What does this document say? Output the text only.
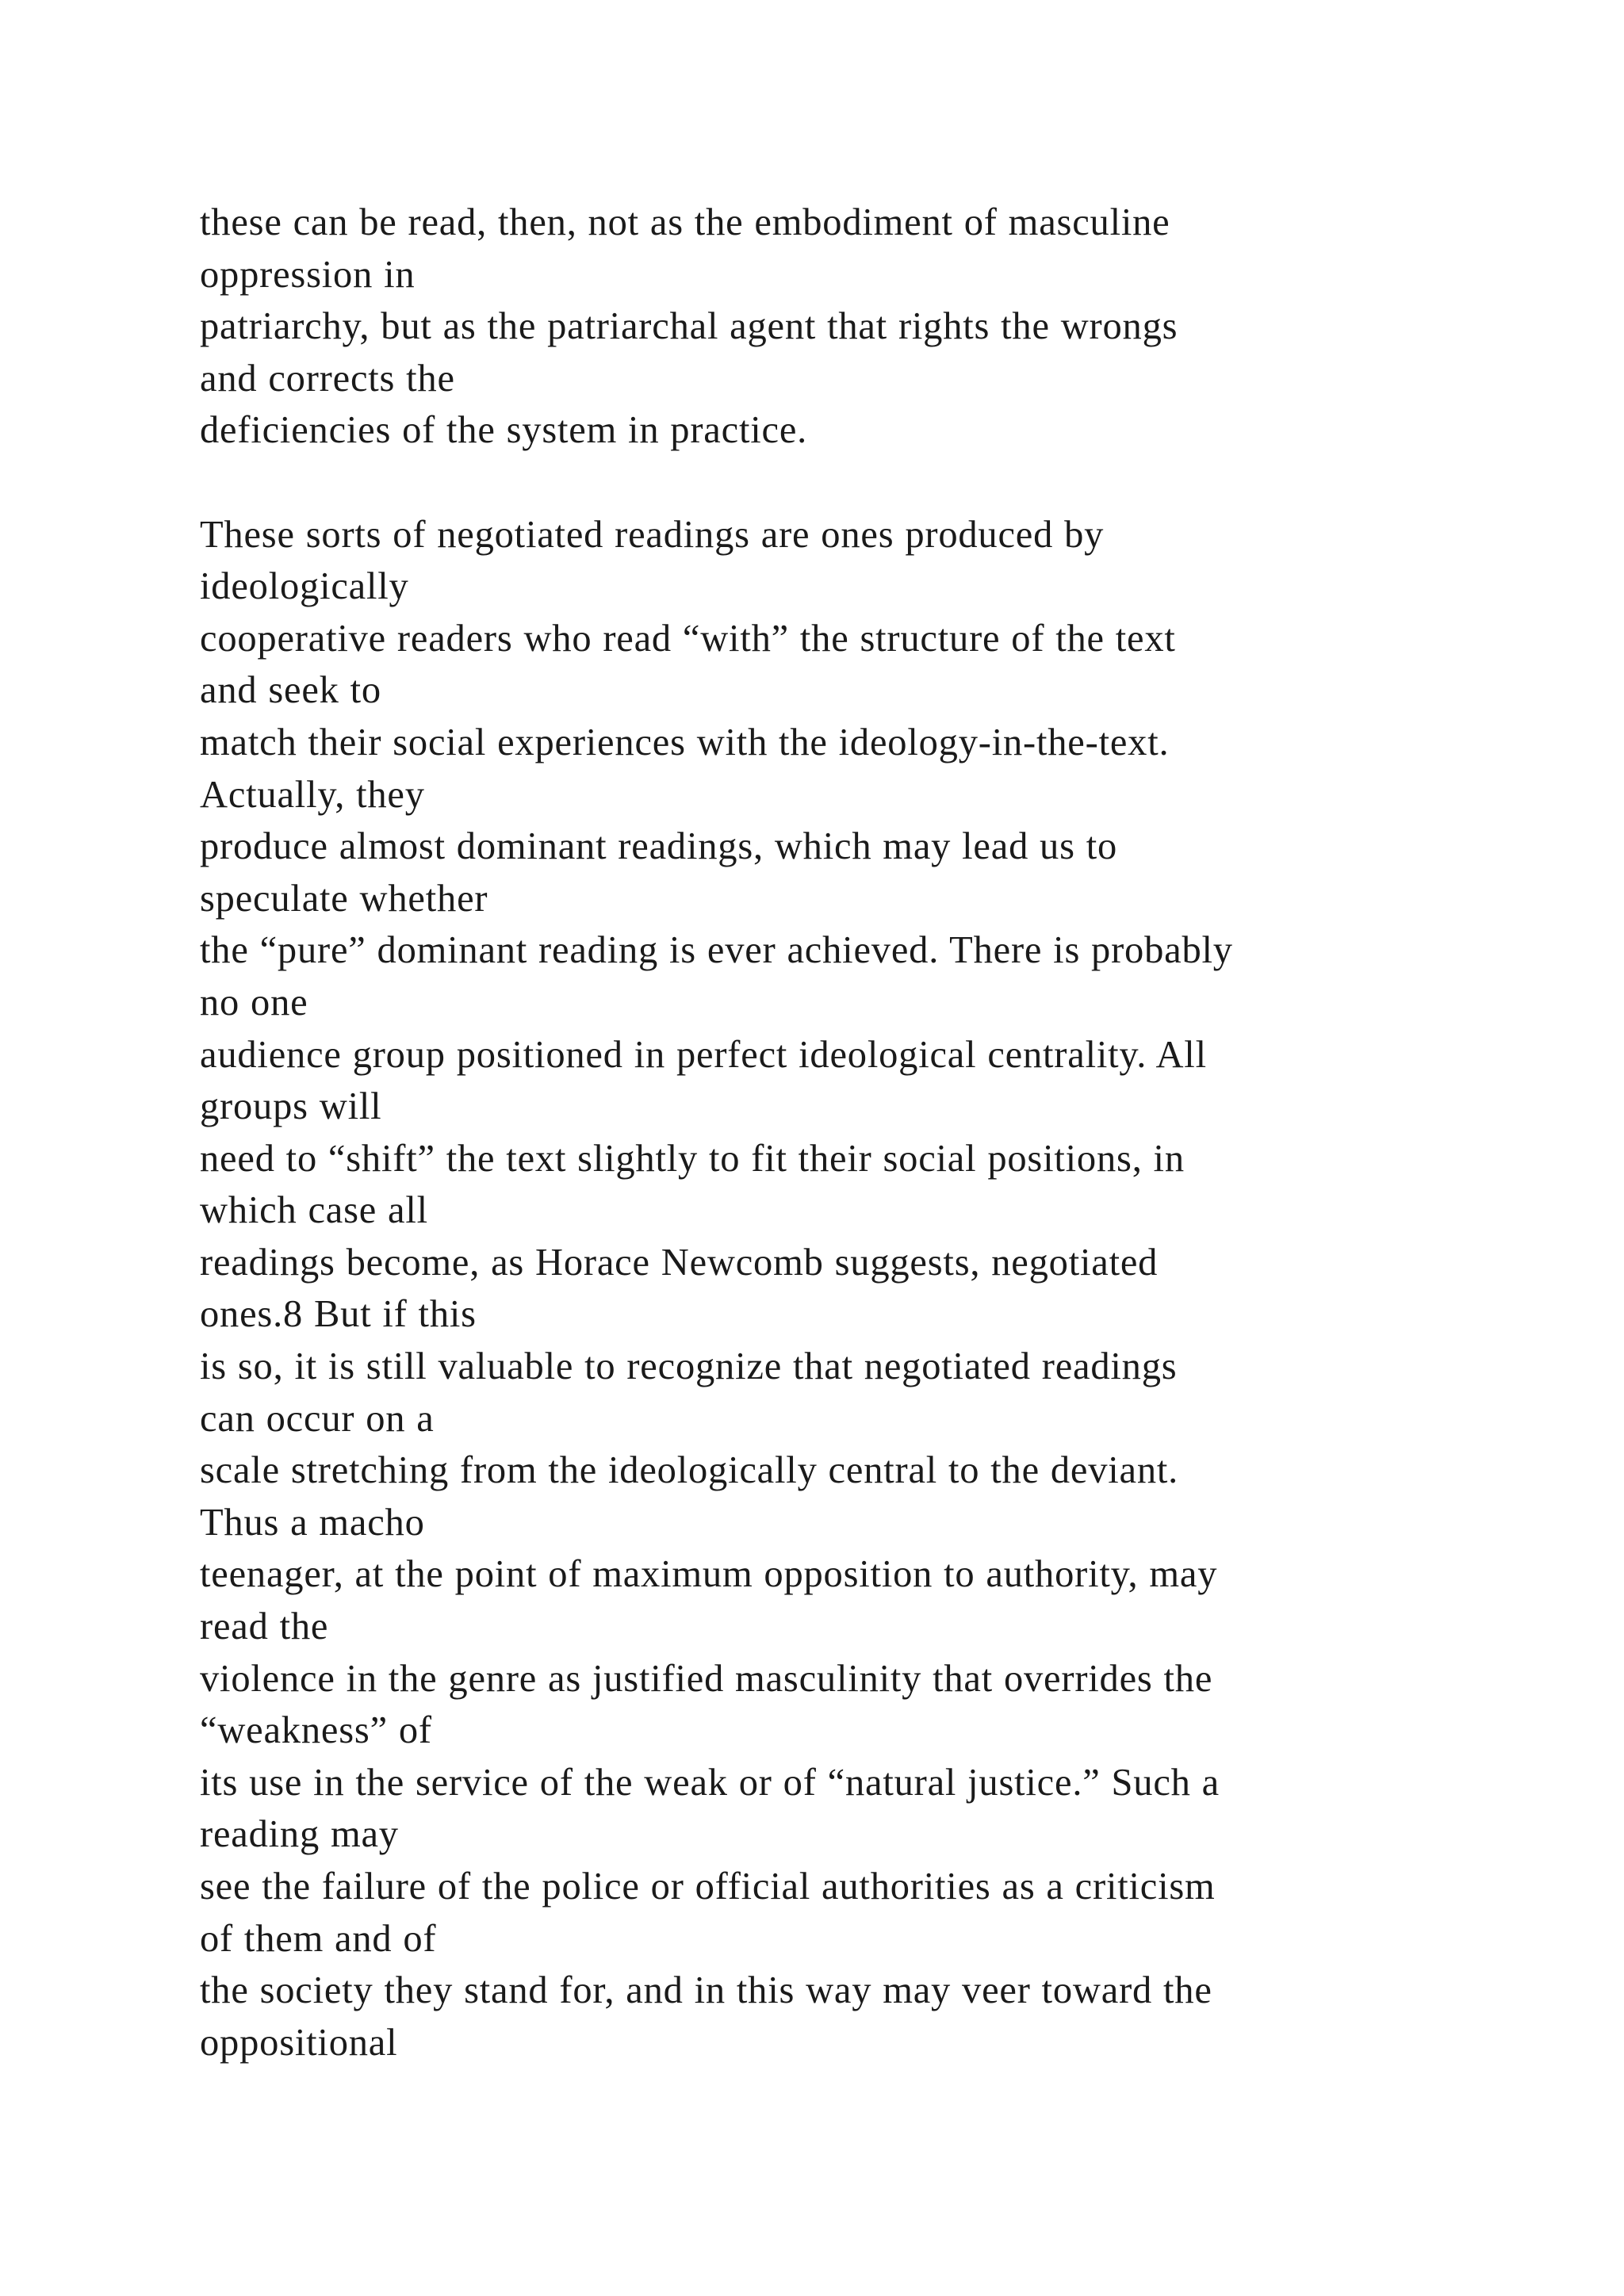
these can be read, then, not as the embodiment of masculine
oppression in
patriarchy, but as the patriarchal agent that rights the wrongs
and corrects the
deficiencies of the system in practice.
These sorts of negotiated readings are ones produced by
ideologically
cooperative readers who read “with” the structure of the text
and seek to
match their social experiences with the ideology-in-the-text.
Actually, they
produce almost dominant readings, which may lead us to
speculate whether
the “pure” dominant reading is ever achieved. There is probably
no one
audience group positioned in perfect ideological centrality. All
groups will
need to “shift” the text slightly to fit their social positions, in
which case all
readings become, as Horace Newcomb suggests, negotiated
ones.8 But if this
is so, it is still valuable to recognize that negotiated readings
can occur on a
scale stretching from the ideologically central to the deviant.
Thus a macho
teenager, at the point of maximum opposition to authority, may
read the
violence in the genre as justified masculinity that overrides the
“weakness” of
its use in the service of the weak or of “natural justice.” Such a
reading may
see the failure of the police or official authorities as a criticism
of them and of
the society they stand for, and in this way may veer toward the
oppositional
